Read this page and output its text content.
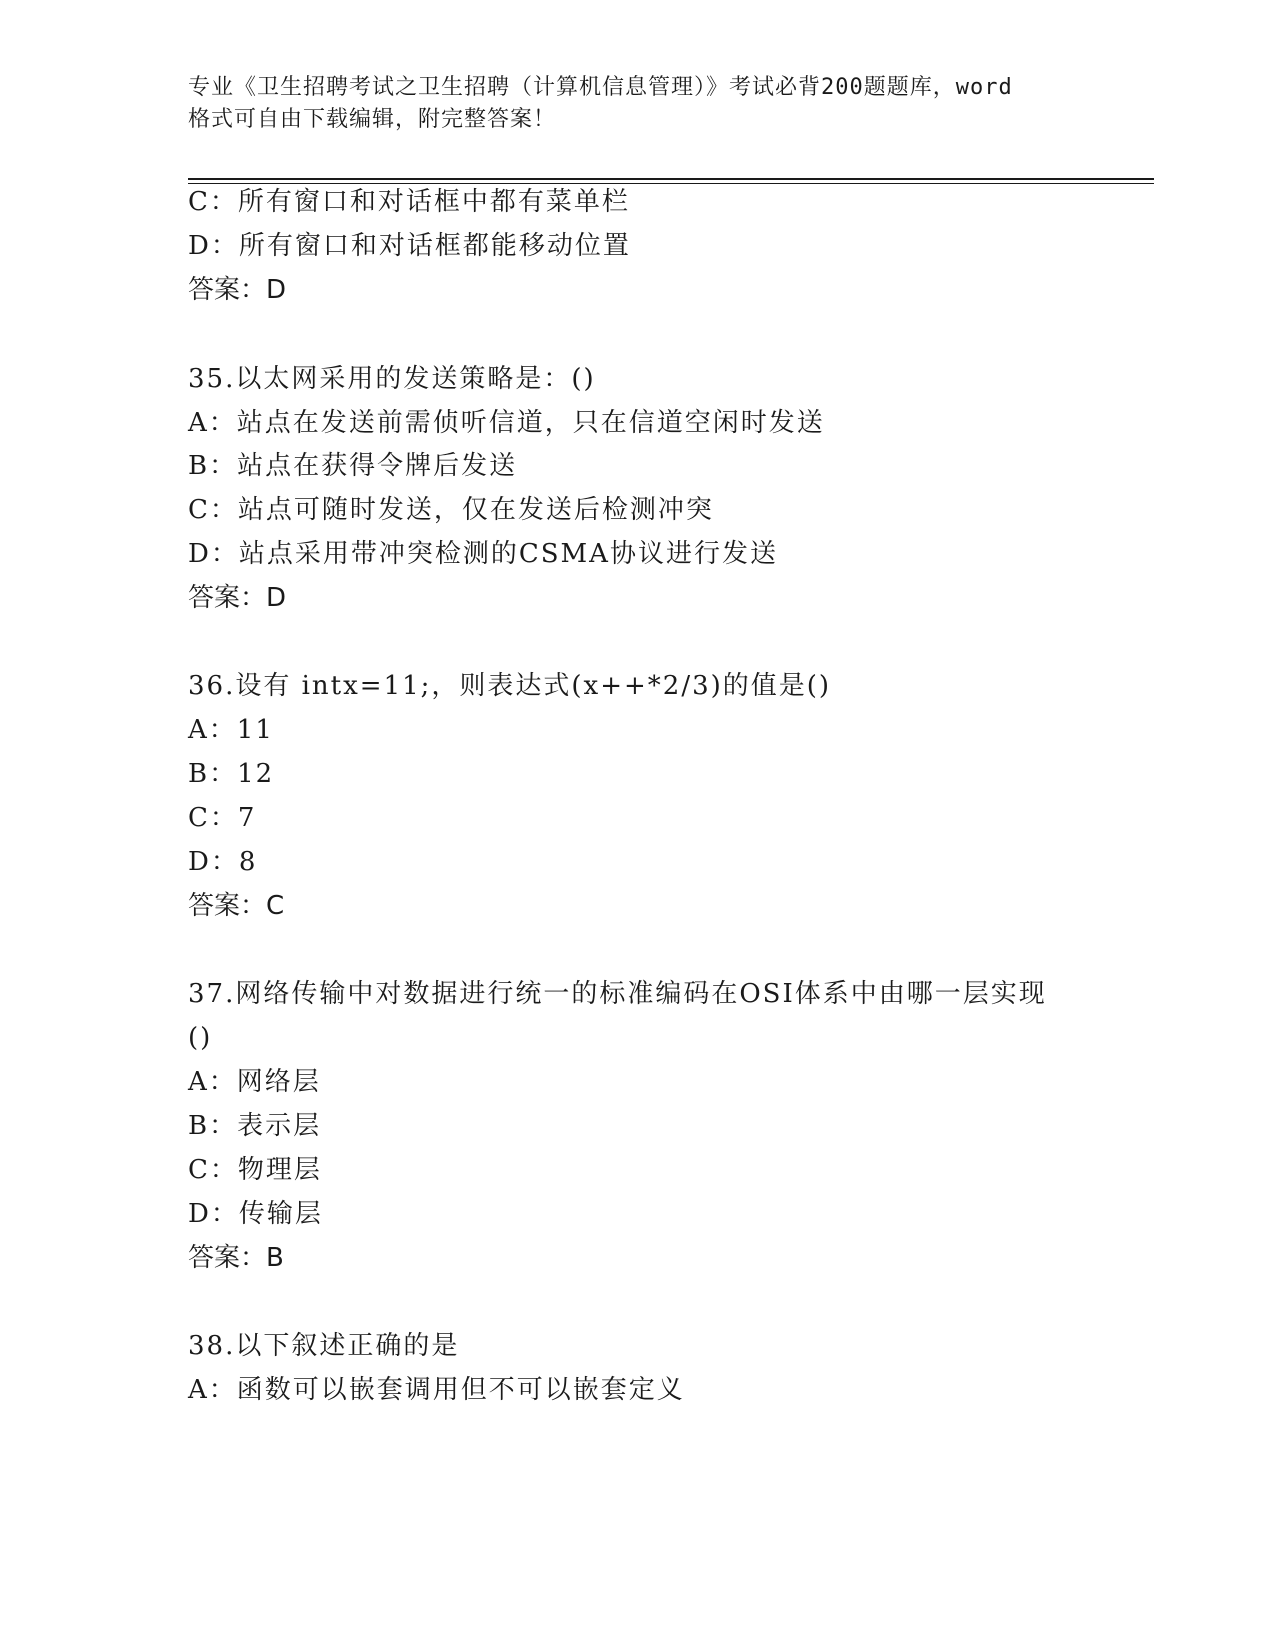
专业《卫生招聘考试之卫生招聘（计算机信息管理）》考试必背200题题库，word
格式可自由下载编辑，附完整答案！
C：所有窗口和对话框中都有菜单栏
D：所有窗口和对话框都能移动位置
答案：D
35.以太网采用的发送策略是：()
A：站点在发送前需侦听信道，只在信道空闲时发送
B：站点在获得令牌后发送
C：站点可随时发送，仅在发送后检测冲突
D：站点采用带冲突检测的CSMA协议进行发送
答案：D
36.设有 intx=11;，则表达式(x++*2/3)的值是()
A：11
B：12
C：7
D：8
答案：C
37.网络传输中对数据进行统一的标准编码在OSI体系中由哪一层实现
()
A：网络层
B：表示层
C：物理层
D：传输层
答案：B
38.以下叙述正确的是
A：函数可以嵌套调用但不可以嵌套定义
